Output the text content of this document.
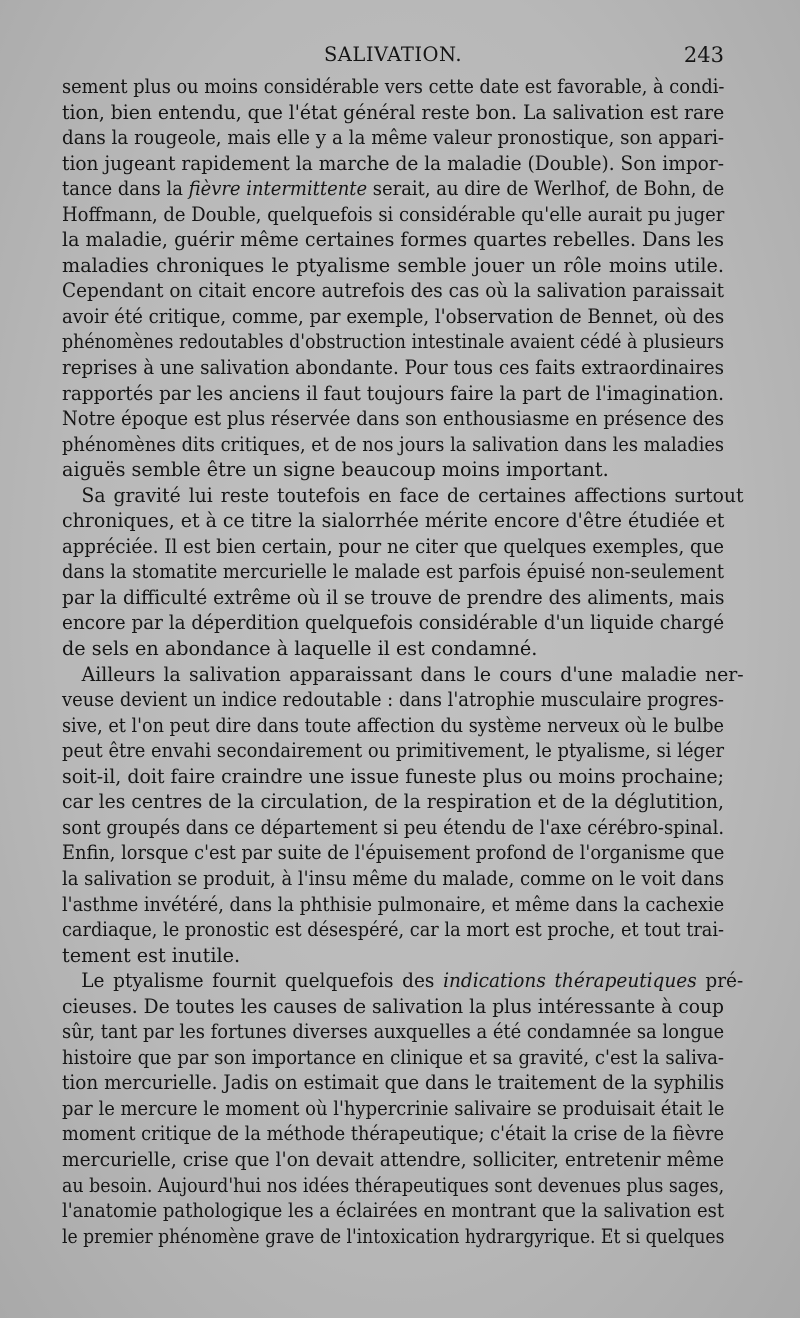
SALIVATION.	243
sement plus ou moins considérable vers cette date est favorable, à condi-
tion, bien entendu, que l'état général reste bon. La salivation est rare
dans la rougeole, mais elle y a la même valeur pronostique, son appari-
tion jugeant rapidement la marche de la maladie (Double). Son impor-
tance dans la fièvre intermittente serait, au dire de Werlhof, de Bohn, de
Hoffmann, de Double, quelquefois si considérable qu'elle aurait pu juger
la maladie, guérir même certaines formes quartes rebelles. Dans les
maladies chroniques le ptyalisme semble jouer un rôle moins utile.
Cependant on citait encore autrefois des cas où la salivation paraissait
avoir été critique, comme, par exemple, l'observation de Bennet, où des
phénomènes redoutables d'obstruction intestinale avaient cédé à plusieurs
reprises à une salivation abondante. Pour tous ces faits extraordinaires
rapportés par les anciens il faut toujours faire la part de l'imagination.
Notre époque est plus réservée dans son enthousiasme en présence des
phénomènes dits critiques, et de nos jours la salivation dans les maladies
aiguës semble être un signe beaucoup moins important.
Sa gravité lui reste toutefois en face de certaines affections surtout
chroniques, et à ce titre la sialorrhée mérite encore d'être étudiée et
appréciée. Il est bien certain, pour ne citer que quelques exemples, que
dans la stomatite mercurielle le malade est parfois épuisé non-seulement
par la difficulté extrême où il se trouve de prendre des aliments, mais
encore par la déperdition quelquefois considérable d'un liquide chargé
de sels en abondance à laquelle il est condamné.
Ailleurs la salivation apparaissant dans le cours d'une maladie ner-
veuse devient un indice redoutable : dans l'atrophie musculaire progres-
sive, et l'on peut dire dans toute affection du système nerveux où le bulbe
peut être envahi secondairement ou primitivement, le ptyalisme, si léger
soit-il, doit faire craindre une issue funeste plus ou moins prochaine;
car les centres de la circulation, de la respiration et de la déglutition,
sont groupés dans ce département si peu étendu de l'axe cérébro-spinal.
Enfin, lorsque c'est par suite de l'épuisement profond de l'organisme que
la salivation se produit, à l'insu même du malade, comme on le voit dans
l'asthme invétéré, dans la phthisie pulmonaire, et même dans la cachexie
cardiaque, le pronostic est désespéré, car la mort est proche, et tout trai-
tement est inutile.
Le ptyalisme fournit quelquefois des indications thérapeutiques pré-
cieuses. De toutes les causes de salivation la plus intéressante à coup
sûr, tant par les fortunes diverses auxquelles a été condamnée sa longue
histoire que par son importance en clinique et sa gravité, c'est la saliva-
tion mercurielle. Jadis on estimait que dans le traitement de la syphilis
par le mercure le moment où l'hypercrinie salivaire se produisait était le
moment critique de la méthode thérapeutique; c'était la crise de la fièvre
mercurielle, crise que l'on devait attendre, solliciter, entretenir même
au besoin. Aujourd'hui nos idées thérapeutiques sont devenues plus sages,
l'anatomie pathologique les a éclairées en montrant que la salivation est
le premier phénomène grave de l'intoxication hydrargyrique. Et si quelques
